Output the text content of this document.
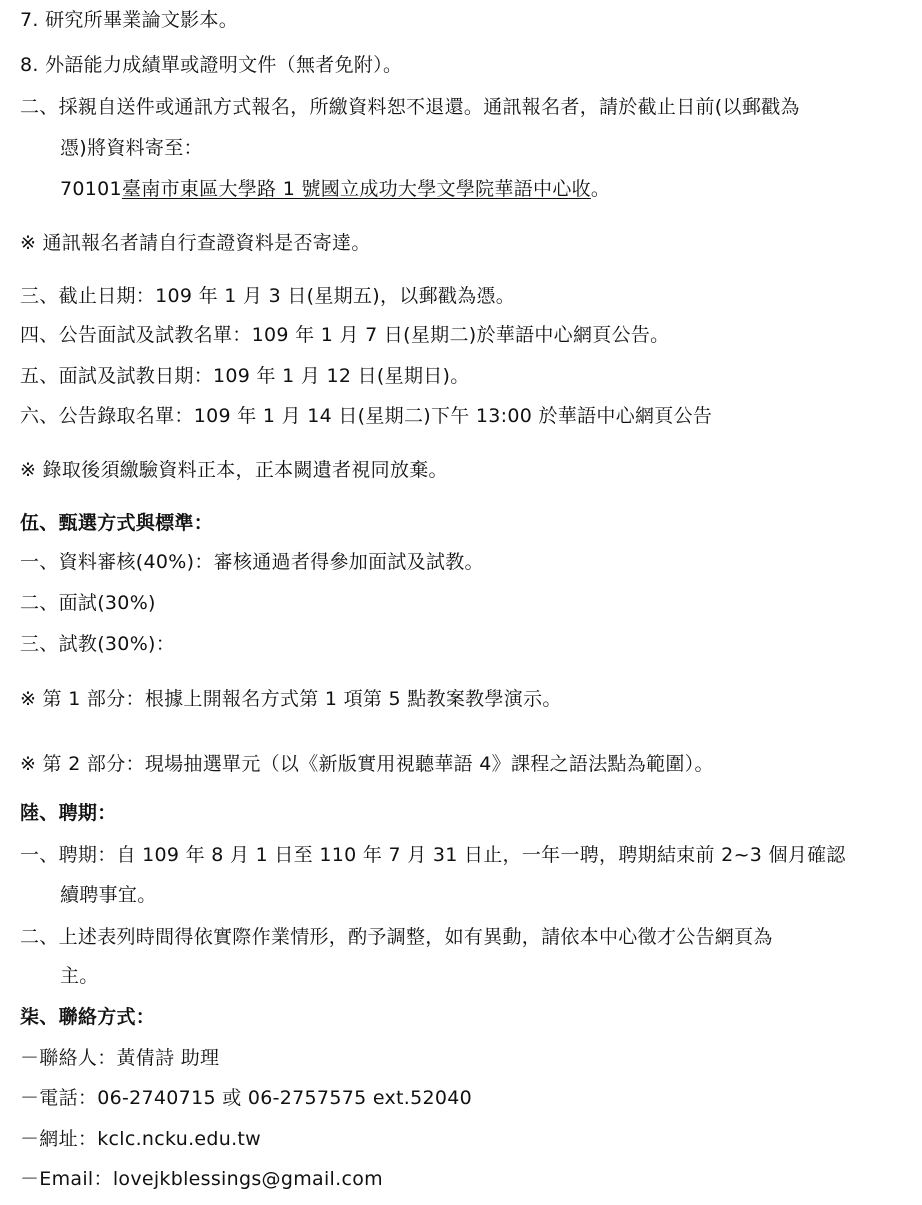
7. 研究所畢業論文影本。
8. 外語能力成績單或證明文件（無者免附）。
二、採親自送件或通訊方式報名，所繳資料恕不退還。通訊報名者，請於截止日前(以郵戳為
憑)將資料寄至：
70101臺南市東區大學路 1 號國立成功大學文學院華語中心收。
※ 通訊報名者請自行查證資料是否寄達。
三、截止日期：109 年 1 月 3 日(星期五)，以郵戳為憑。
四、公告面試及試教名單：109 年 1 月 7 日(星期二)於華語中心網頁公告。
五、面試及試教日期：109 年 1 月 12 日(星期日)。
六、公告錄取名單：109 年 1 月 14 日(星期二)下午 13:00 於華語中心網頁公告
※ 錄取後須繳驗資料正本，正本闕遺者視同放棄。
伍、甄選方式與標準：
一、資料審核(40%)：審核通過者得參加面試及試教。
二、面試(30%)
三、試教(30%)：
※ 第 1 部分：根據上開報名方式第 1 項第 5 點教案教學演示。
※ 第 2 部分：現場抽選單元（以《新版實用視聽華語 4》課程之語法點為範圍）。
陸、聘期：
一、聘期：自 109 年 8 月 1 日至 110 年 7 月 31 日止，一年一聘，聘期結束前 2~3 個月確認
續聘事宜。
二、上述表列時間得依實際作業情形，酌予調整，如有異動，請依本中心徵才公告網頁為
主。
柒、聯絡方式：
－聯絡人：黃倩詩 助理
－電話：06-2740715 或 06-2757575 ext.52040
－網址：kclc.ncku.edu.tw
－Email：lovejkblessings@gmail.com
